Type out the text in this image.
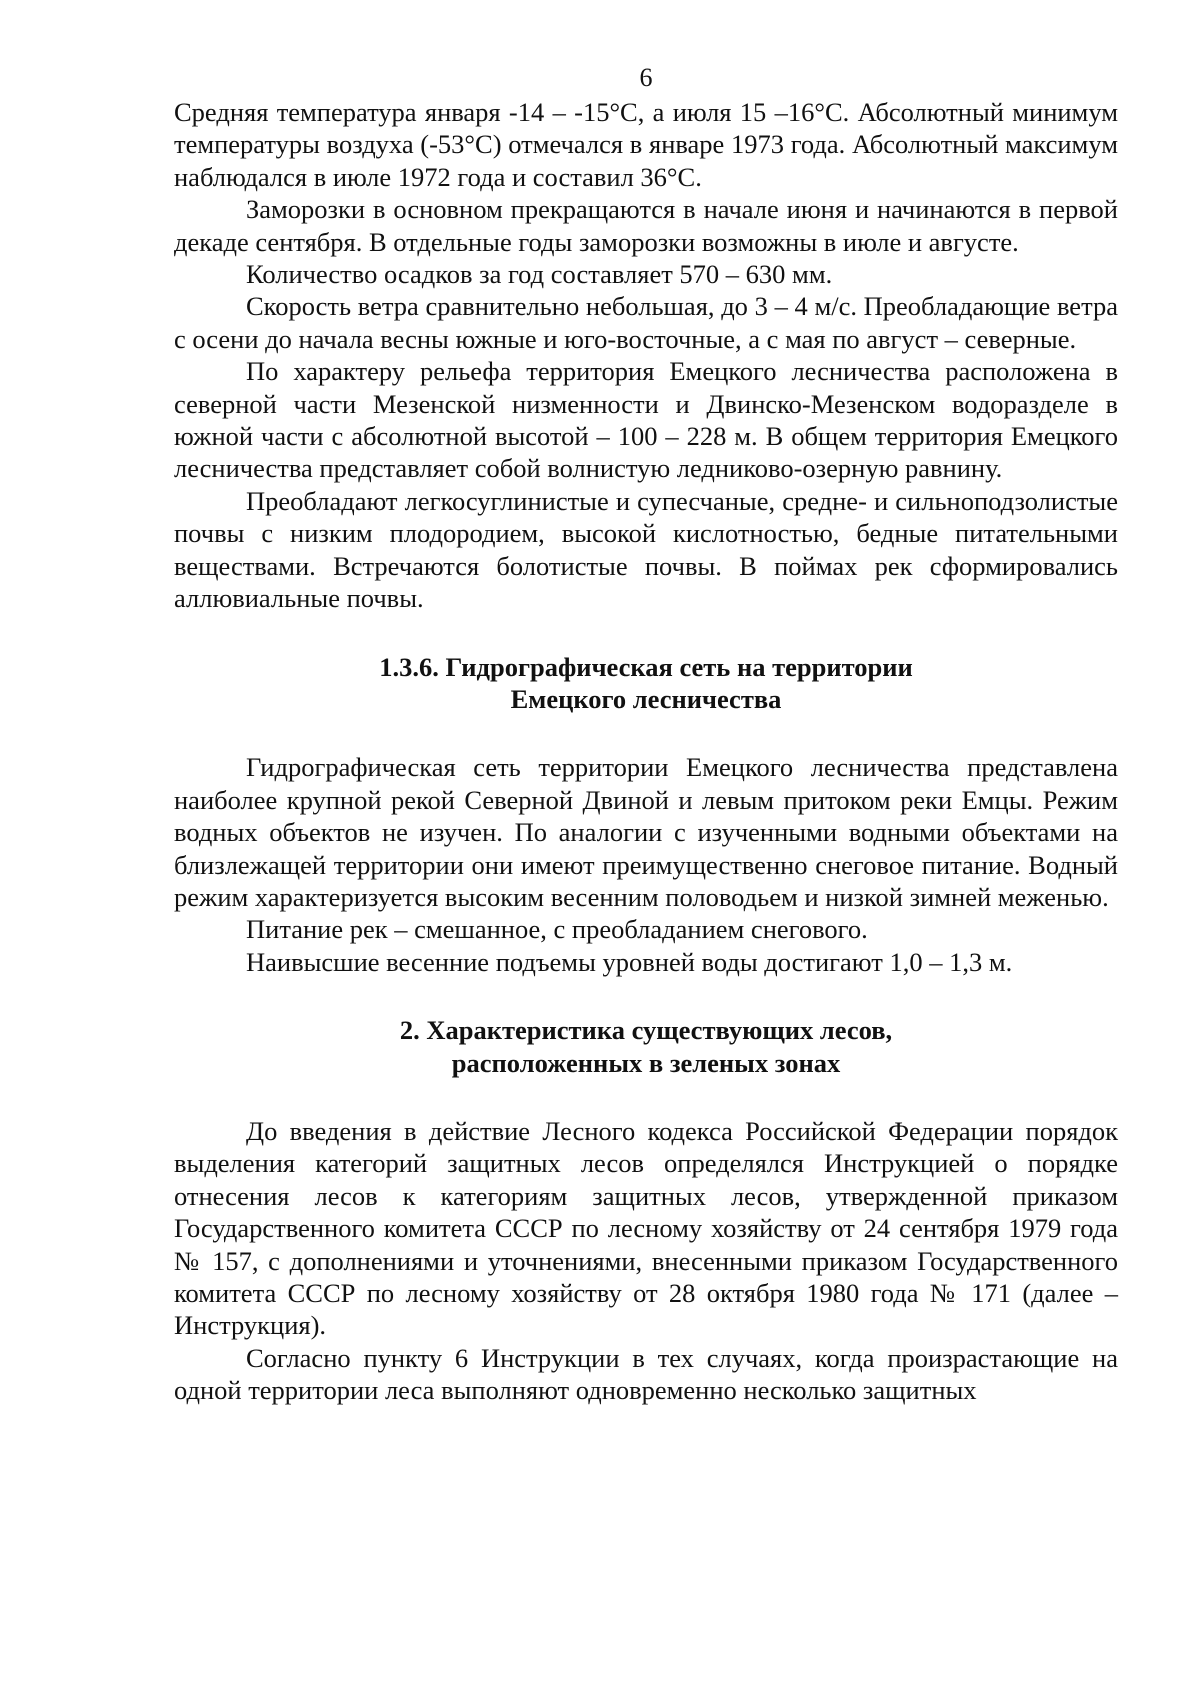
6

Средняя температура января -14 – -15°С, а июля 15 –16°С. Абсолютный минимум температуры воздуха (-53°С) отмечался в январе 1973 года. Абсолютный максимум наблюдался в июле 1972 года и составил 36°С.

Заморозки в основном прекращаются в начале июня и начинаются в первой декаде сентября. В отдельные годы заморозки возможны в июле и августе.

Количество осадков за год составляет 570 – 630 мм.

Скорость ветра сравнительно небольшая, до 3 – 4 м/с. Преобладающие ветра с осени до начала весны южные и юго-восточные, а с мая по август – северные.

По характеру рельефа территория Емецкого лесничества расположена в северной части Мезенской низменности и Двинско-Мезенском водоразделе в южной части с абсолютной высотой – 100 – 228 м. В общем территория Емецкого лесничества представляет собой волнистую ледниково-озерную равнину.

Преобладают легкосуглинистые и супесчаные, средне- и сильноподзолистые почвы с низким плодородием, высокой кислотностью, бедные питательными веществами. Встречаются болотистые почвы. В поймах рек сформировались аллювиальные почвы.

1.3.6. Гидрографическая сеть на территории
Емецкого лесничества

Гидрографическая сеть территории Емецкого лесничества представлена наиболее крупной рекой Северной Двиной и левым притоком реки Емцы. Режим водных объектов не изучен. По аналогии с изученными водными объектами на близлежащей территории они имеют преимущественно снеговое питание. Водный режим характеризуется высоким весенним половодьем и низкой зимней меженью.

Питание рек – смешанное, с преобладанием снегового.

Наивысшие весенние подъемы уровней воды достигают 1,0 – 1,3 м.

2. Характеристика существующих лесов,
расположенных в зеленых зонах

До введения в действие Лесного кодекса Российской Федерации порядок выделения категорий защитных лесов определялся Инструкцией о порядке отнесения лесов к категориям защитных лесов, утвержденной приказом Государственного комитета СССР по лесному хозяйству от 24 сентября 1979 года № 157, с дополнениями и уточнениями, внесенными приказом Государственного комитета СССР по лесному хозяйству от 28 октября 1980 года № 171 (далее – Инструкция).

Согласно пункту 6 Инструкции в тех случаях, когда произрастающие на одной территории леса выполняют одновременно несколько защитных
